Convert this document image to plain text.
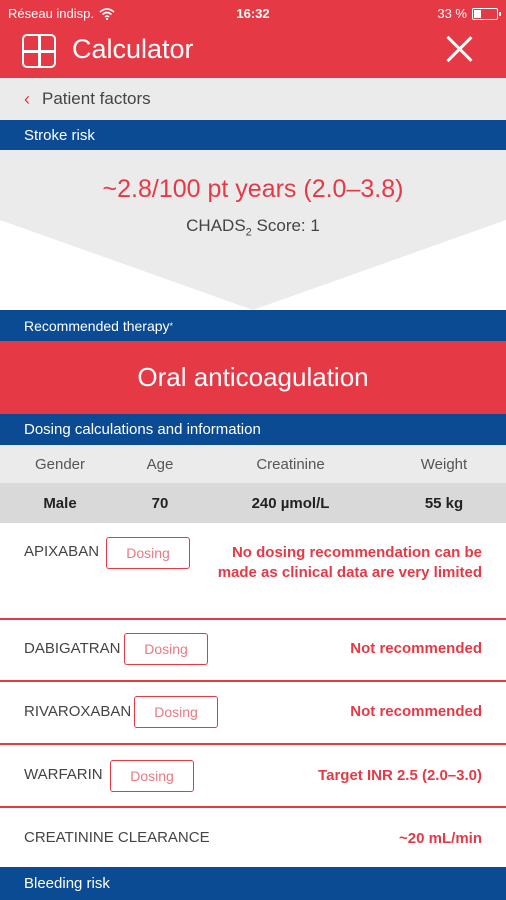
Réseau indisp.	16:32	33 %
Calculator
‹ Patient factors
Stroke risk
~2.8/100 pt years (2.0–3.8)
$CHADS_2$ Score: 1
Recommended therapy *
Oral anticoagulation
Dosing calculations and information
Gender	Age	Creatinine	Weight
Male	70	240 µmol/L	55 kg
APIXABAN	Dosing	No dosing recommendation can be made as clinical data are very limited
DABIGATRAN	Dosing	Not recommended
RIVAROXABAN	Dosing	Not recommended
WARFARIN	Dosing	Target INR 2.5 (2.0–3.0)
CREATININE CLEARANCE	~20 mL/min
Bleeding risk
